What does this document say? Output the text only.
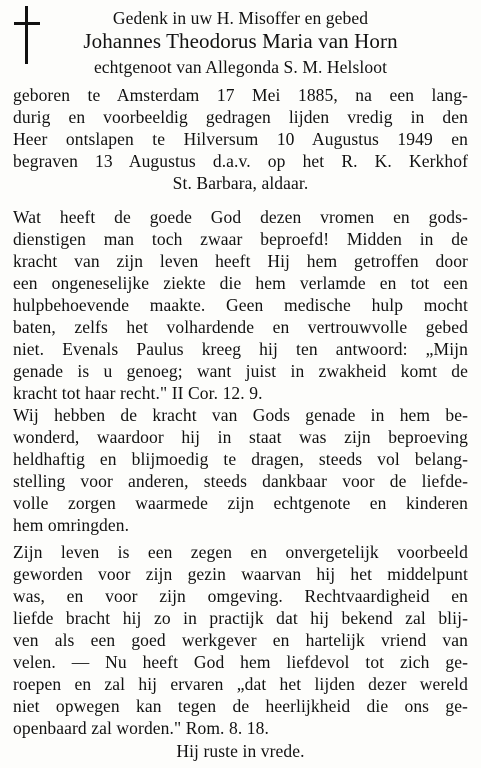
Gedenk in uw H. Misoffer en gebed
Johannes Theodorus Maria van Horn
echtgenoot van Allegonda S. M. Helsloot
geboren te Amsterdam 17 Mei 1885, na een lang-
durig en voorbeeldig gedragen lijden vredig in den
Heer ontslapen te Hilversum 10 Augustus 1949 en
begraven 13 Augustus d.a.v. op het R. K. Kerkhof
St. Barbara, aldaar.
Wat heeft de goede God dezen vromen en gods-
dienstigen man toch zwaar beproefd! Midden in de
kracht van zijn leven heeft Hij hem getroffen door
een ongeneselijke ziekte die hem verlamde en tot een
hulpbehoevende maakte. Geen medische hulp mocht
baten, zelfs het volhardende en vertrouwvolle gebed
niet. Evenals Paulus kreeg hij ten antwoord: „Mijn
genade is u genoeg; want juist in zwakheid komt de
kracht tot haar recht." II Cor. 12. 9.
Wij hebben de kracht van Gods genade in hem be-
wonderd, waardoor hij in staat was zijn beproeving
heldhaftig en blijmoedig te dragen, steeds vol belang-
stelling voor anderen, steeds dankbaar voor de liefde-
volle zorgen waarmede zijn echtgenote en kinderen
hem omringden.
Zijn leven is een zegen en onvergetelijk voorbeeld
geworden voor zijn gezin waarvan hij het middelpunt
was, en voor zijn omgeving. Rechtvaardigheid en
liefde bracht hij zo in practijk dat hij bekend zal blij-
ven als een goed werkgever en hartelijk vriend van
velen. — Nu heeft God hem liefdevol tot zich ge-
roepen en zal hij ervaren „dat het lijden dezer wereld
niet opwegen kan tegen de heerlijkheid die ons ge-
openbaard zal worden." Rom. 8. 18.
Hij ruste in vrede.
